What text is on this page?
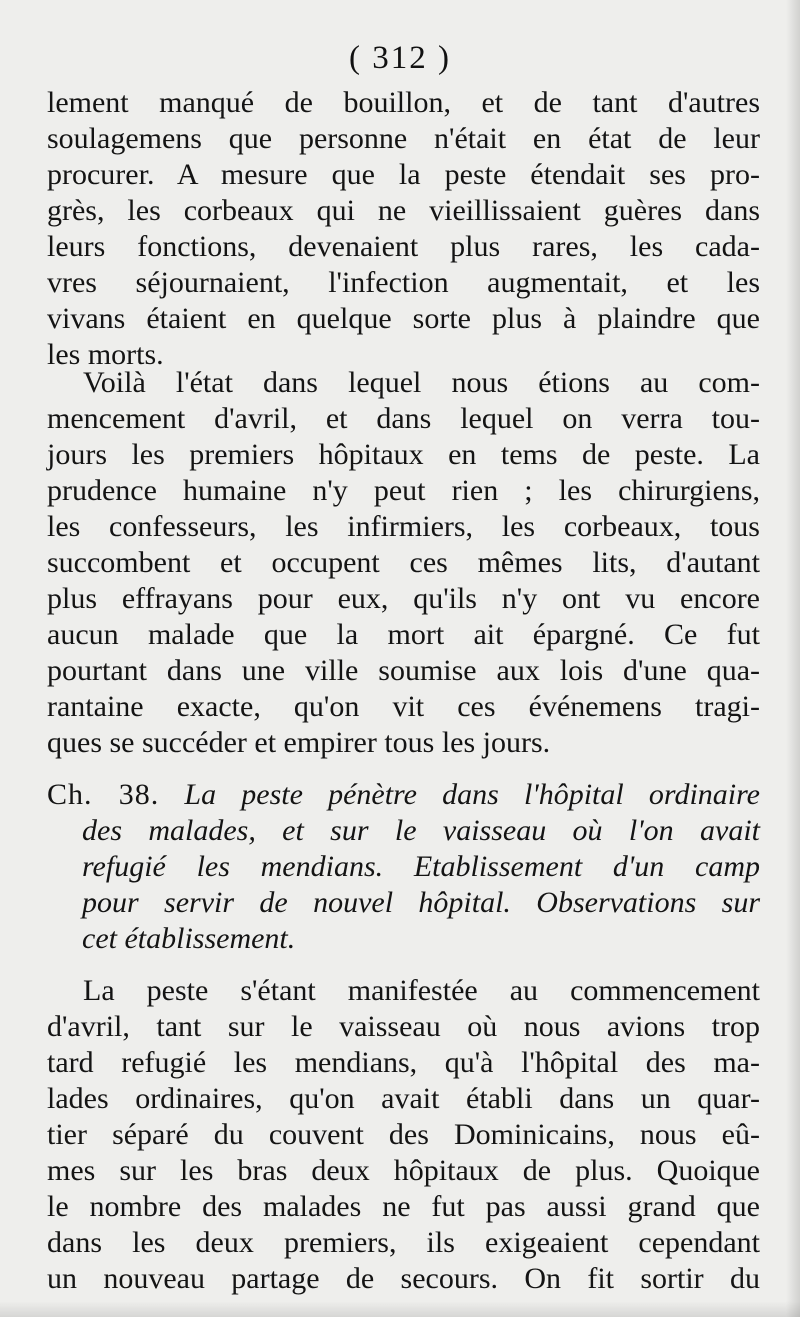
( 312 )
lement manqué de bouillon, et de tant d'autres
soulagemens que personne n'était en état de leur
procurer. A mesure que la peste étendait ses pro-
grès, les corbeaux qui ne vieillissaient guères dans
leurs fonctions, devenaient plus rares, les cada-
vres séjournaient, l'infection augmentait, et les
vivans étaient en quelque sorte plus à plaindre que
les morts.
Voilà l'état dans lequel nous étions au com-
mencement d'avril, et dans lequel on verra tou-
jours les premiers hôpitaux en tems de peste. La
prudence humaine n'y peut rien ; les chirurgiens,
les confesseurs, les infirmiers, les corbeaux, tous
succombent et occupent ces mêmes lits, d'autant
plus effrayans pour eux, qu'ils n'y ont vu encore
aucun malade que la mort ait épargné. Ce fut
pourtant dans une ville soumise aux lois d'une qua-
rantaine exacte, qu'on vit ces événemens tragi-
ques se succéder et empirer tous les jours.
Ch. 38. La peste pénètre dans l'hôpital ordinaire
des malades, et sur le vaisseau où l'on avait
refugié les mendians. Etablissement d'un camp
pour servir de nouvel hôpital. Observations sur
cet établissement.
La peste s'étant manifestée au commencement
d'avril, tant sur le vaisseau où nous avions trop
tard refugié les mendians, qu'à l'hôpital des ma-
lades ordinaires, qu'on avait établi dans un quar-
tier séparé du couvent des Dominicains, nous eû-
mes sur les bras deux hôpitaux de plus. Quoique
le nombre des malades ne fut pas aussi grand que
dans les deux premiers, ils exigeaient cependant
un nouveau partage de secours. On fit sortir du
